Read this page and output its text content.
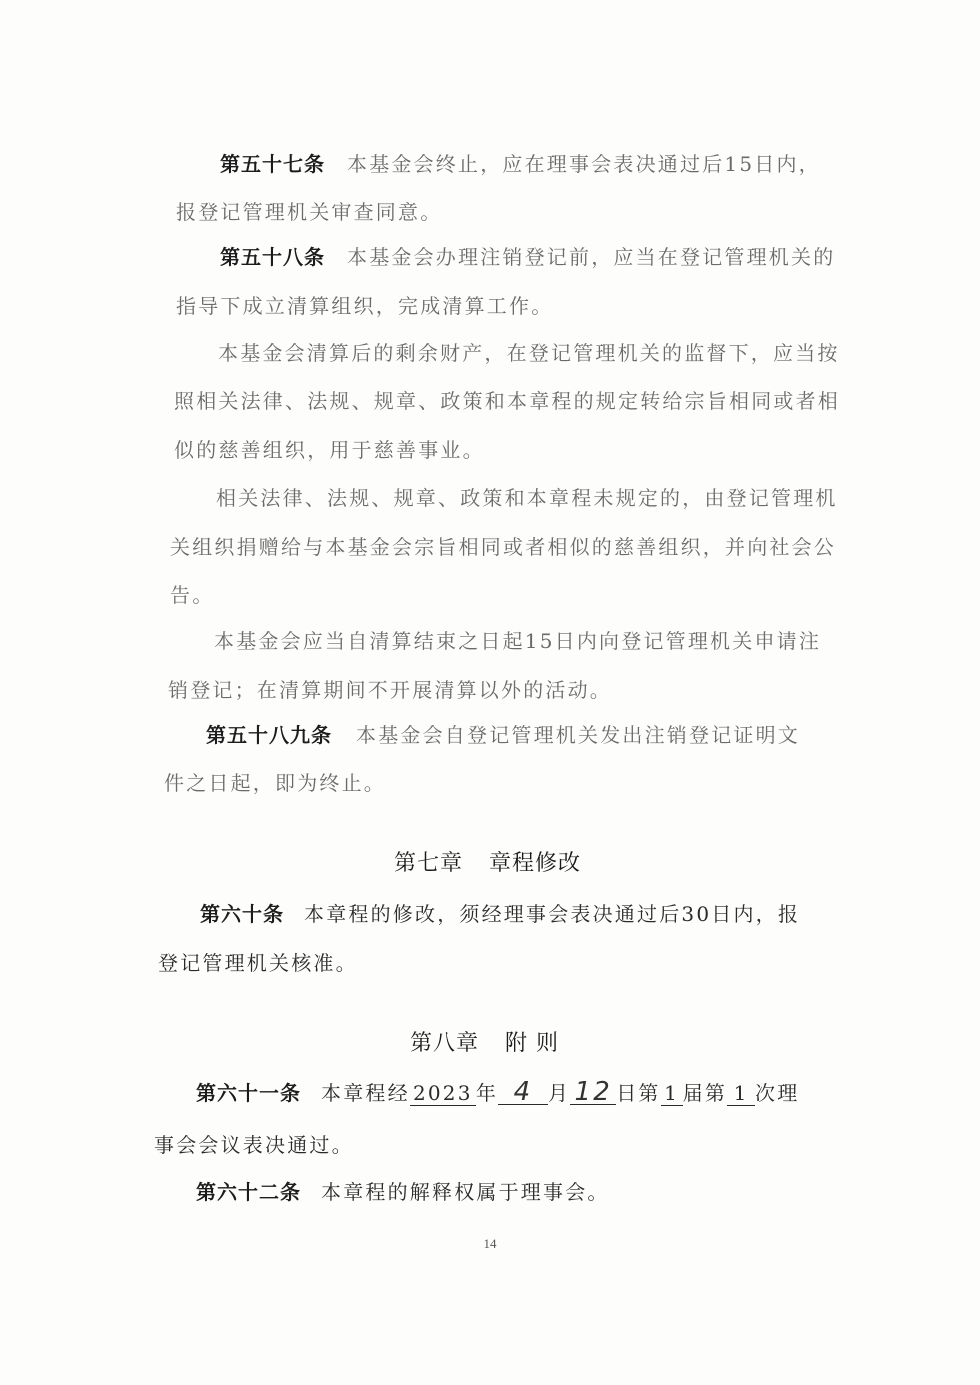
第五十七条 本基金会终止，应在理事会表决通过后15日内，
报登记管理机关审查同意。
第五十八条 本基金会办理注销登记前，应当在登记管理机关的
指导下成立清算组织，完成清算工作。
本基金会清算后的剩余财产，在登记管理机关的监督下，应当按
照相关法律、法规、规章、政策和本章程的规定转给宗旨相同或者相
似的慈善组织，用于慈善事业。
相关法律、法规、规章、政策和本章程未规定的，由登记管理机
关组织捐赠给与本基金会宗旨相同或者相似的慈善组织，并向社会公
告。
本基金会应当自清算结束之日起15日内向登记管理机关申请注
销登记；在清算期间不开展清算以外的活动。
第五十八九条 本基金会自登记管理机关发出注销登记证明文
件之日起，即为终止。
第七章 章程修改
第六十条 本章程的修改，须经理事会表决通过后30日内，报
登记管理机关核准。
第八章 附 则
第六十一条 本章程经 2023 年 4 月 12 日第 1 届第 1 次理
事会会议表决通过。
第六十二条 本章程的解释权属于理事会。
14
